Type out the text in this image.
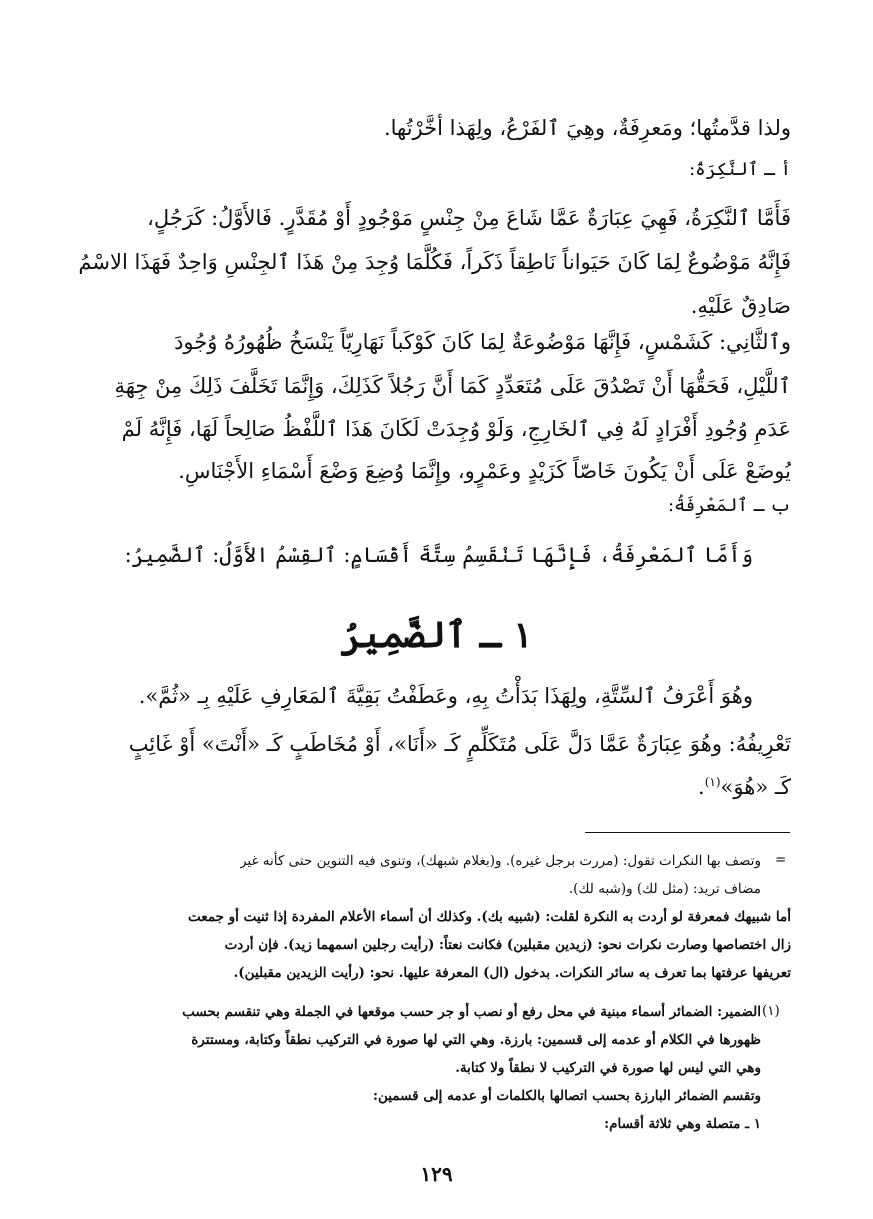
ولذا قدَّمتُها؛ ومَعرِفَةٌ، وهِيَ ٱلفَرْعُ، ولِهَذا أخَّرْتُها.
أ ـ ٱلنَّكِرَةُ:
فَأَمَّا ٱلنَّكِرَةُ، فَهِيَ عِبَارَةٌ عَمَّا شَاعَ مِنْ جِنْسٍ مَوْجُودٍ أَوْ مُقَدَّرٍ. فَالأَوَّلُ: كَرَجُلٍ،
فَإِنَّهُ مَوْضُوعٌ لِمَا كَانَ حَيَواناً نَاطِقاً ذَكَراً، فَكُلَّمَا وُجِدَ مِنْ هَذَا ٱلجِنْسِ وَاحِدٌ فَهَذَا الاسْمُ
صَادِقٌ عَلَيْهِ.
وٱلثَّانِي: كَشَمْسٍ، فَإِنَّهَا مَوْضُوعَةٌ لِمَا كَانَ كَوْكَباً نَهَارِيّاً يَنْسَخُ ظُهُورُهُ وُجُودَ
ٱللَّيْلِ، فَحَقُّهَا أَنْ تَصْدُقَ عَلَى مُتَعَدِّدٍ كَمَا أَنَّ رَجُلاً كَذَلِكَ، وَإِنَّمَا تَخَلَّفَ ذَلِكَ مِنْ جِهَةِ
عَدَمِ وُجُودِ أَفْرَادٍ لَهُ فِي ٱلخَارِجِ، وَلَوْ وُجِدَتْ لَكَانَ هَذَا ٱللَّفْظُ صَالِحاً لَهَا، فَإِنَّهُ لَمْ
يُوضَعْ عَلَى أَنْ يَكُونَ خَاصّاً كَزَيْدٍ وعَمْرٍو، وإِنَّمَا وُضِعَ وَضْعَ أَسْمَاءِ الأَجْنَاسِ.
ب ـ ٱلمَعْرِفَةُ:
وَأَمَّا ٱلمَعْرِفَةُ، فَإِنَّهَا تَنْقَسِمُ سِتَّةَ أَقْسَامٍ: ٱلقِسْمُ الأَوَّلُ: ٱلضَّمِيرُ:
١ ـ ٱلضَّمِيرُ
وهُوَ أَعْرَفُ ٱلسِّتَّةِ، ولِهَذَا بَدَأْتُ بِهِ، وعَطَفْتُ بَقِيَّةَ ٱلمَعَارِفِ عَلَيْهِ بِـ «ثُمَّ».
تَعْرِيفُهُ: وهُوَ عِبَارَةٌ عَمَّا دَلَّ عَلَى مُتَكَلِّمٍ كَـ «أَنَا»، أَوْ مُخَاطَبٍ كَـ «أَنْتَ» أَوْ غَائِبٍ
كَـ «هُوَ»$^{(١)}$.
=
وتصف بها النكرات تقول: (مررت برجل غيره). و(بغلام شبهك)، وتنوى فيه التنوين حتى كأنه غير
مضاف تريد: (مثل لك) و(شبه لك).
أما شبيهك فمعرفة لو أردت به النكرة لقلت: (شبيه بك). وكذلك أن أسماء الأعلام المفردة إذا ثنيت أو جمعت
زال اختصاصها وصارت نكرات نحو: (زيدين مقبلين) فكانت نعتاً: (رأيت رجلين اسمهما زيد). فإن أردت
تعريفها عرفتها بما تعرف به سائر النكرات. بدخول (ال) المعرفة عليها. نحو: (رأيت الزيدين مقبلين).
(١)
الضمير: الضمائر أسماء مبنية في محل رفع أو نصب أو جر حسب موقعها في الجملة وهي تنقسم بحسب
ظهورها في الكلام أو عدمه إلى قسمين: بارزة. وهي التي لها صورة في التركيب نطقاً وكتابة، ومستترة
وهي التي ليس لها صورة في التركيب لا نطقاً ولا كتابة.
وتقسم الضمائر البارزة بحسب اتصالها بالكلمات أو عدمه إلى قسمين:
١ ـ متصلة وهي ثلاثة أقسام:
١٢٩
